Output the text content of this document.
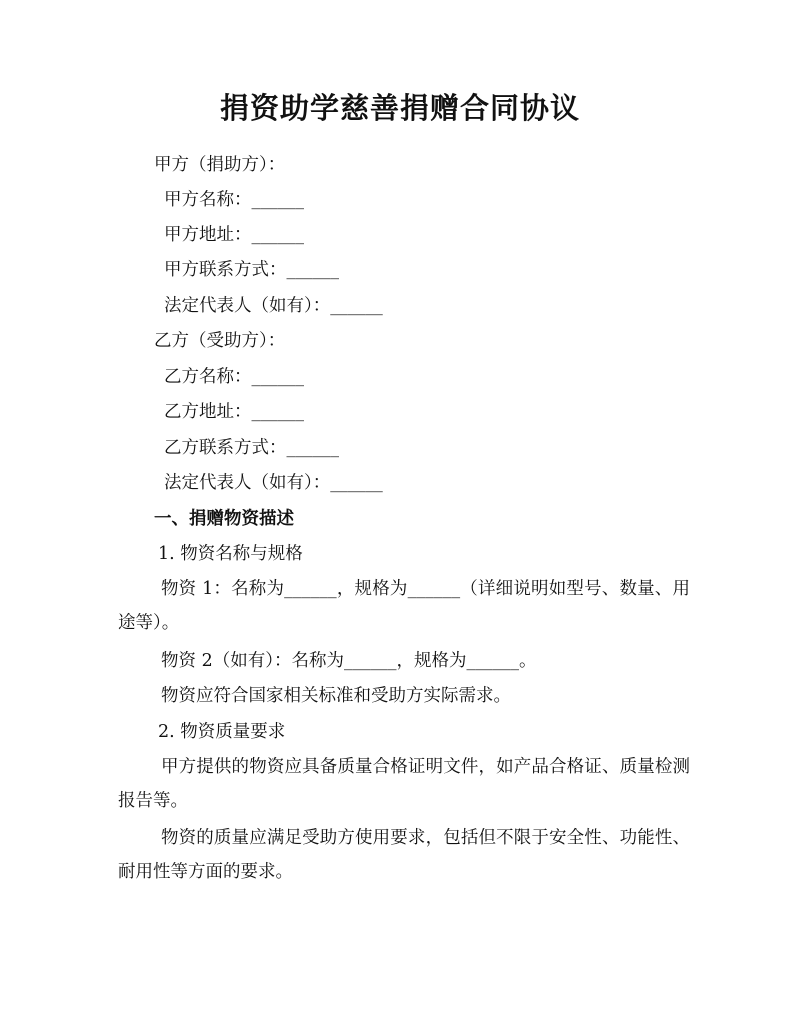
捐资助学慈善捐赠合同协议
甲方（捐助方）：
甲方名称：______
甲方地址：______
甲方联系方式：______
法定代表人（如有）：______
乙方（受助方）：
乙方名称：______
乙方地址：______
乙方联系方式：______
法定代表人（如有）：______
一、捐赠物资描述
1. 物资名称与规格
物资 1：名称为______，规格为______（详细说明如型号、数量、用途等）。
物资 2（如有）：名称为______，规格为______。
物资应符合国家相关标准和受助方实际需求。
2. 物资质量要求
甲方提供的物资应具备质量合格证明文件，如产品合格证、质量检测报告等。
物资的质量应满足受助方使用要求，包括但不限于安全性、功能性、耐用性等方面的要求。
